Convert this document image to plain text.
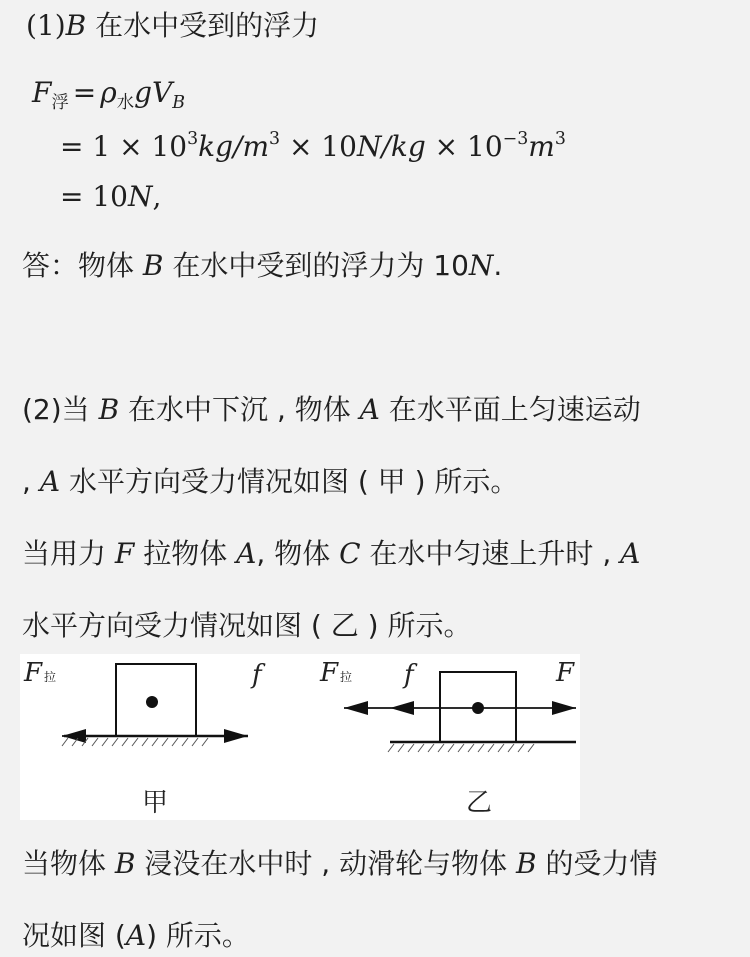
(1)B 在水中受到的浮力
$F_浮 = \rho_水gV_B$
= $1 \times 10^3kg/m^3 \times 10N/kg \times 10^{-3}m^3$
= 10N,
答：物体 B 在水中受到的浮力为 10N.
(2)当 B 在水中下沉 , 物体 A 在水平面上匀速运动
, A 水平方向受力情况如图 ( 甲 ) 所示。
当用力 F 拉物体 A, 物体 C 在水中匀速上升时 , A
水平方向受力情况如图 ( 乙 ) 所示。
F拉	f
甲
F拉 f	F
乙
当物体 B 浸没在水中时 , 动滑轮与物体 B 的受力情
况如图 (A) 所示。
